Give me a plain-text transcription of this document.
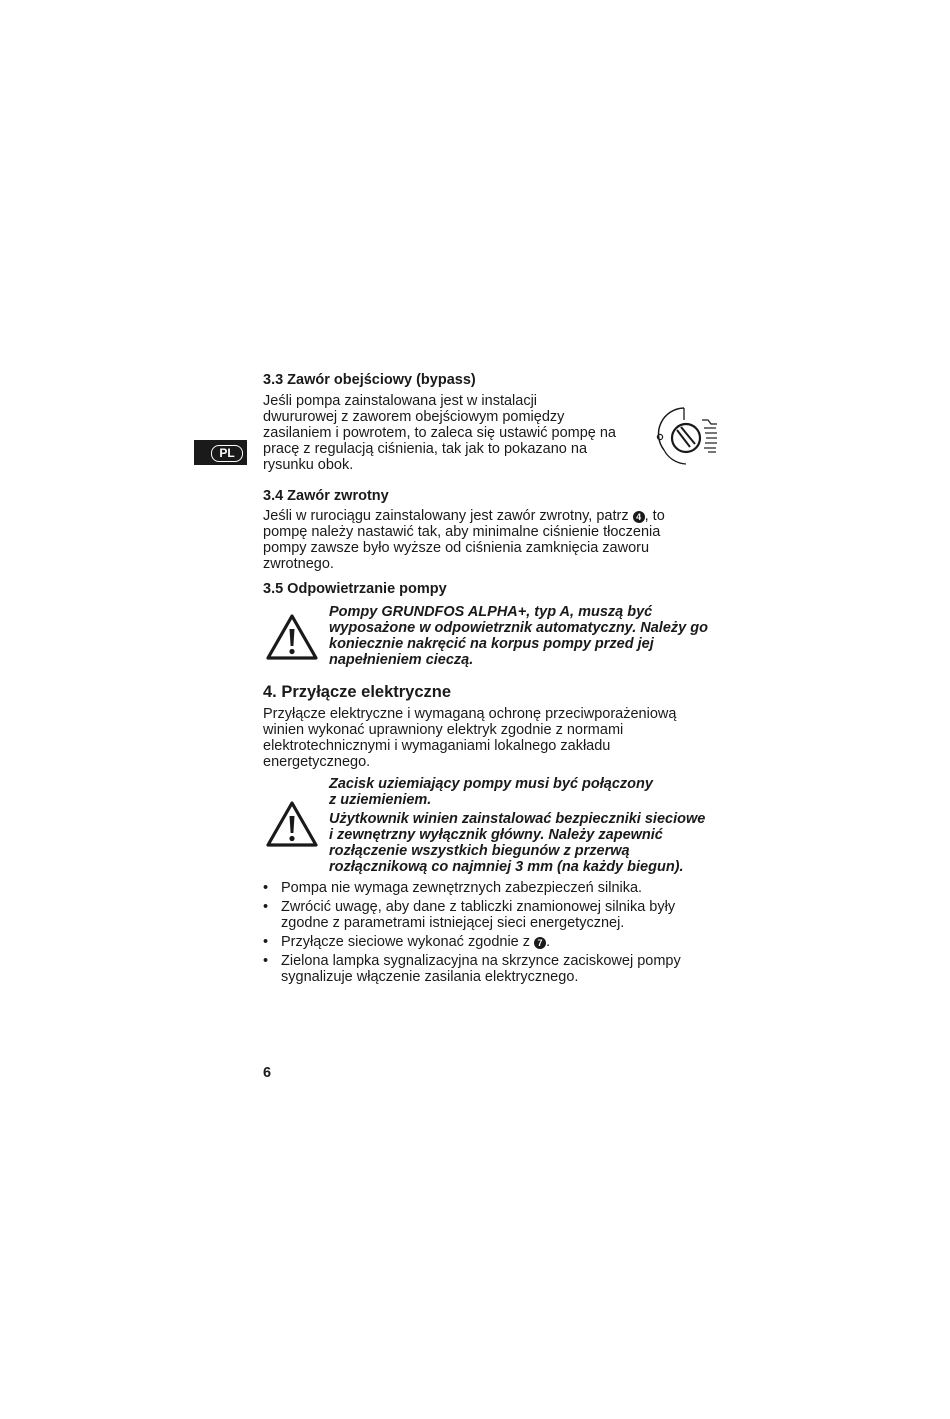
PL
3.3 Zawór obejściowy (bypass)
Jeśli pompa zainstalowana jest w instalacji
dwururowej z zaworem obejściowym pomiędzy
zasilaniem i powrotem, to zaleca się ustawić pompę na
pracę z regulacją ciśnienia, tak jak to pokazano na
rysunku obok.
3.4 Zawór zwrotny
Jeśli w rurociągu zainstalowany jest zawór zwrotny, patrz 4 , to
pompę należy nastawić tak, aby minimalne ciśnienie tłoczenia
pompy zawsze było wyższe od ciśnienia zamknięcia zaworu
zwrotnego.
3.5 Odpowietrzanie pompy
Pompy GRUNDFOS ALPHA+, typ A, muszą być
wyposażone w odpowietrznik automatyczny. Należy go
koniecznie nakręcić na korpus pompy przed jej
napełnieniem cieczą.
4. Przyłącze elektryczne
Przyłącze elektryczne i wymaganą ochronę przeciwporażeniową
winien wykonać uprawniony elektryk zgodnie z normami
elektrotechnicznymi i wymaganiami lokalnego zakładu
energetycznego.
Zacisk uziemiający pompy musi być połączony
z uziemieniem.
Użytkownik winien zainstalować bezpieczniki sieciowe
i zewnętrzny wyłącznik główny. Należy zapewnić
rozłączenie wszystkich biegunów z przerwą
rozłącznikową co najmniej 3 mm (na każdy biegun).
• Pompa nie wymaga zewnętrznych zabezpieczeń silnika.
• Zwrócić uwagę, aby dane z tabliczki znamionowej silnika były
zgodne z parametrami istniejącej sieci energetycznej.
• Przyłącze sieciowe wykonać zgodnie z 7 .
• Zielona lampka sygnalizacyjna na skrzynce zaciskowej pompy
sygnalizuje włączenie zasilania elektrycznego.
6
